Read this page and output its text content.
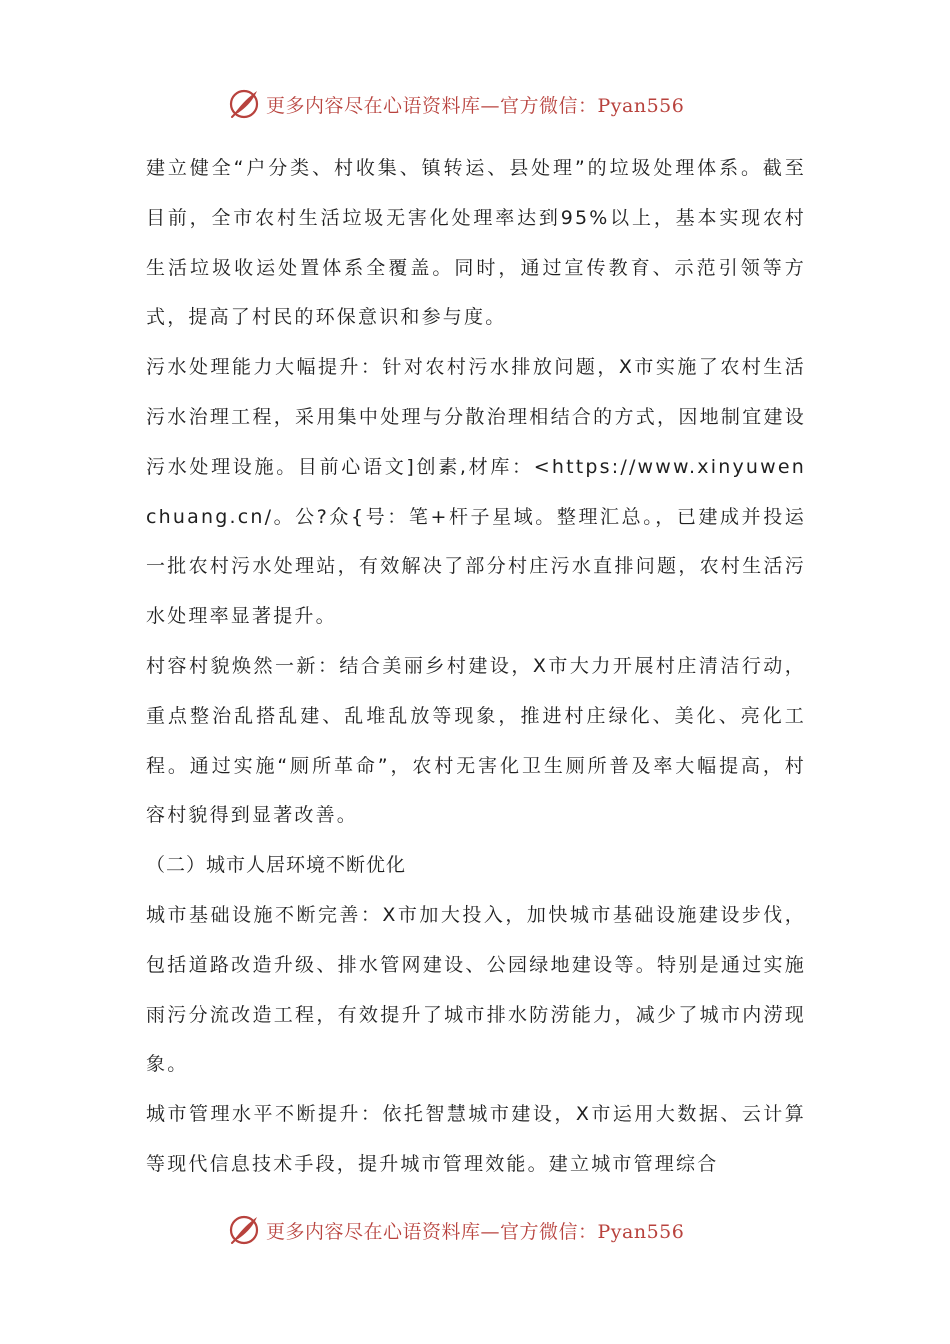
更多内容尽在心语资料库—官方微信：Pyan556

建立健全“户分类、村收集、镇转运、县处理”的垃圾处理体系。截至目前，全市农村生活垃圾无害化处理率达到95%以上，基本实现农村生活垃圾收运处置体系全覆盖。同时，通过宣传教育、示范引领等方式，提高了村民的环保意识和参与度。

污水处理能力大幅提升：针对农村污水排放问题，X市实施了农村生活污水治理工程，采用集中处理与分散治理相结合的方式，因地制宜建设污水处理设施。目前心语文]创素,材库：<https://www.xinyuwenchuang.cn/。公?众{号：笔+杆子星域。整理汇总。，已建成并投运一批农村污水处理站，有效解决了部分村庄污水直排问题，农村生活污水处理率显著提升。

村容村貌焕然一新：结合美丽乡村建设，X市大力开展村庄清洁行动，重点整治乱搭乱建、乱堆乱放等现象，推进村庄绿化、美化、亮化工程。通过实施“厕所革命”，农村无害化卫生厕所普及率大幅提高，村容村貌得到显著改善。

（二）城市人居环境不断优化

城市基础设施不断完善：X市加大投入，加快城市基础设施建设步伐，包括道路改造升级、排水管网建设、公园绿地建设等。特别是通过实施雨污分流改造工程，有效提升了城市排水防涝能力，减少了城市内涝现象。

城市管理水平不断提升：依托智慧城市建设，X市运用大数据、云计算等现代信息技术手段，提升城市管理效能。建立城市管理综合

更多内容尽在心语资料库—官方微信：Pyan556
